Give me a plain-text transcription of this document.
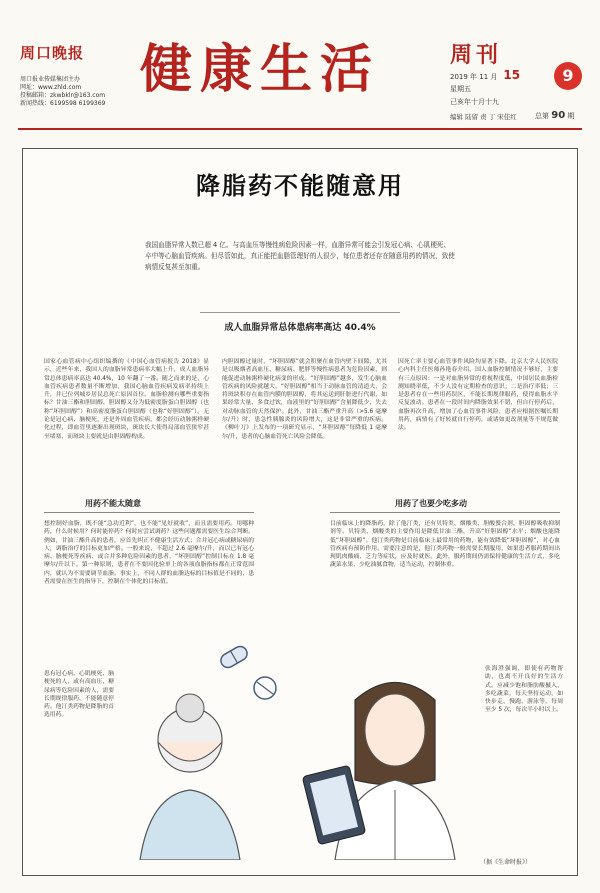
周口晚报
周口报业传媒集团主办
网址：www.zhld.com
投稿邮箱：zkwbklr@163.com
新闻热线：6199598 6199369
健康生活	周刊
2019 年 11 月 15
星期五
己亥年十月十九
编辑 陆留 责 丁 宋佳红
9
总第 90 期
降脂药不能随意用
我国血脂异常人数已超 4 亿。与高血压等慢性病危险因素一样，血脂异常可能会引发冠心病、心肌梗死、卒中等心脑血管疾病。但尽管如此，真正能把血脂管理好的人很少，每位患者还存在随意用药的情况，致使病情反复甚至加重。
成人血脂异常总体患病率高达 40.4%
国家心血管病中心组织编撰的《中国心血管病报告 2018》显示，近些年来，我国人的血脂异常患病率大幅上升，成人血脂异常总体患病率高达 40.4%，10 年翻了一番。随之而来的是，心血管疾病患者数量不断增加，我国心脑血管疾病发病率持续上升，并已位列城乡居民总死亡原因首位。血脂检测有哪些重要指标？甘油三酯和胆固醇，胆固醇又分为低密度脂蛋白胆固醇（也称“坏胆固醇”）和高密度脂蛋白胆固醇（也称“好胆固醇”）。无论是冠心病、脑梗死，还是外周血管疾病，都会经历动脉粥样硬化过程，即血管里逐渐出现斑块，斑块长大使得局部血管狭窄甚至堵塞，而斑块主要就是由胆固醇构成。
内胆固醇过量时，“坏胆固醇”就会积聚在血管内壁下间隙，尤其是以吸烟者高血压、糖尿病、肥胖等慢性病患者为危险因素，则能促进动脉粥样硬化病变的形成。“好胆固醇”越多，发生心脑血管疾病的风险就越大。“好胆固醇”相当于动脉血管的清道夫，会将斑块积存在血管内膜的胆固醇，将其运送到肝脏进行代谢，如果经常大量、多食过饮，血液里的“好胆固醇”含量降低少，失去对动脉血管的天然保护。此外，甘油三酯严重升高（>5.6 毫摩尔/升）时，患急性胰腺炎的风险增大，这是非常严重的疾病。《柳叶刀》上发布的一项研究显示，“坏胆固醇”每降低 1 毫摩尔/升，患者的心脑血管死亡风险会降低。
因死亡率主要心血管事件风险均显著下降。北京大学人民医院心内科主任医师孙艳春介绍，国人血脂控制情况不够好，主要有三点原因：一是对血脂异常的重视程度低，中国居民血脂检测知晓率低，不少人没有定期检查的意识；二是治疗率低；三是患者存在一些用药误区，不能长期规律服药，使得血脂水平反复波动。患者在一段时间内降脂效果不错，但自行停药后，血脂再次升高，增加了心血管事件风险，患者应根据医嘱长期用药，病情有了好转就自行停药，或诸如更改剂量等不规范做法。
用药不能太随意	用药了也要少吃多动
想控制好血脂，既不能“急功近利”，也不能“见好就收”，而且需要用药。用哪种药，什么时候用？何时能停药？何时应尝试调药？这些问题都需要医生综合判断。例如，甘油三酯升高的患者，应首先纠正不健康生活方式；合并冠心病或糖尿病的人，调脂治疗的目标更加严格。一般来说，不超过 2.6 毫摩尔/升，而以已有冠心病、脑梗死等疾病、或合并多种危险因素的患者，“坏胆固醇”控制目标在 1.8 毫摩尔/升以下。第一种原则，患者在不要因化验单上的各项血脂指标都在正常范围内，就认为不需要调节血脂。事实上，不同人群的血脂达标的目标值是不同的，患者需要在医生的指导下，控制在个体化的目标值。
患有冠心病、心肌梗死、脑梗死的人，或有高血压、糖尿病等危险因素的人，需要长期规律服药，不能随意停药。他汀类药物是降脂的首选用药。
目前临床上的降脂药，除了他汀类，还有贝特类、烟酸类、胆酸螯合剂、胆固醇吸收抑制剂等。贝特类、烟酸类的主要作用是降低甘油三酯，升高“好胆固醇”水平；烟酸也能降低“坏胆固醇”。他汀类药物是目前临床上最常用的药物，能有效降低“坏胆固醇”，对心血管疾病有预防作用。需要注意的是，他汀类药物一般需要长期服用，如果患者服药期间出现肌肉酸痛、乏力等症状，应及时就医。此外，服药期间仍需保持健康的生活方式，多吃蔬菜水果，少吃油腻食物，适当运动，控制体重。
张海澄强调，即使有药物帮助，也离不开良好的生活方式。应减少饱和脂肪酸摄入，多吃蔬菜，每天坚持运动，如快步走、慢跑、游泳等，每周至少 5 次，每次半小时以上。
（据《生命时报》）
